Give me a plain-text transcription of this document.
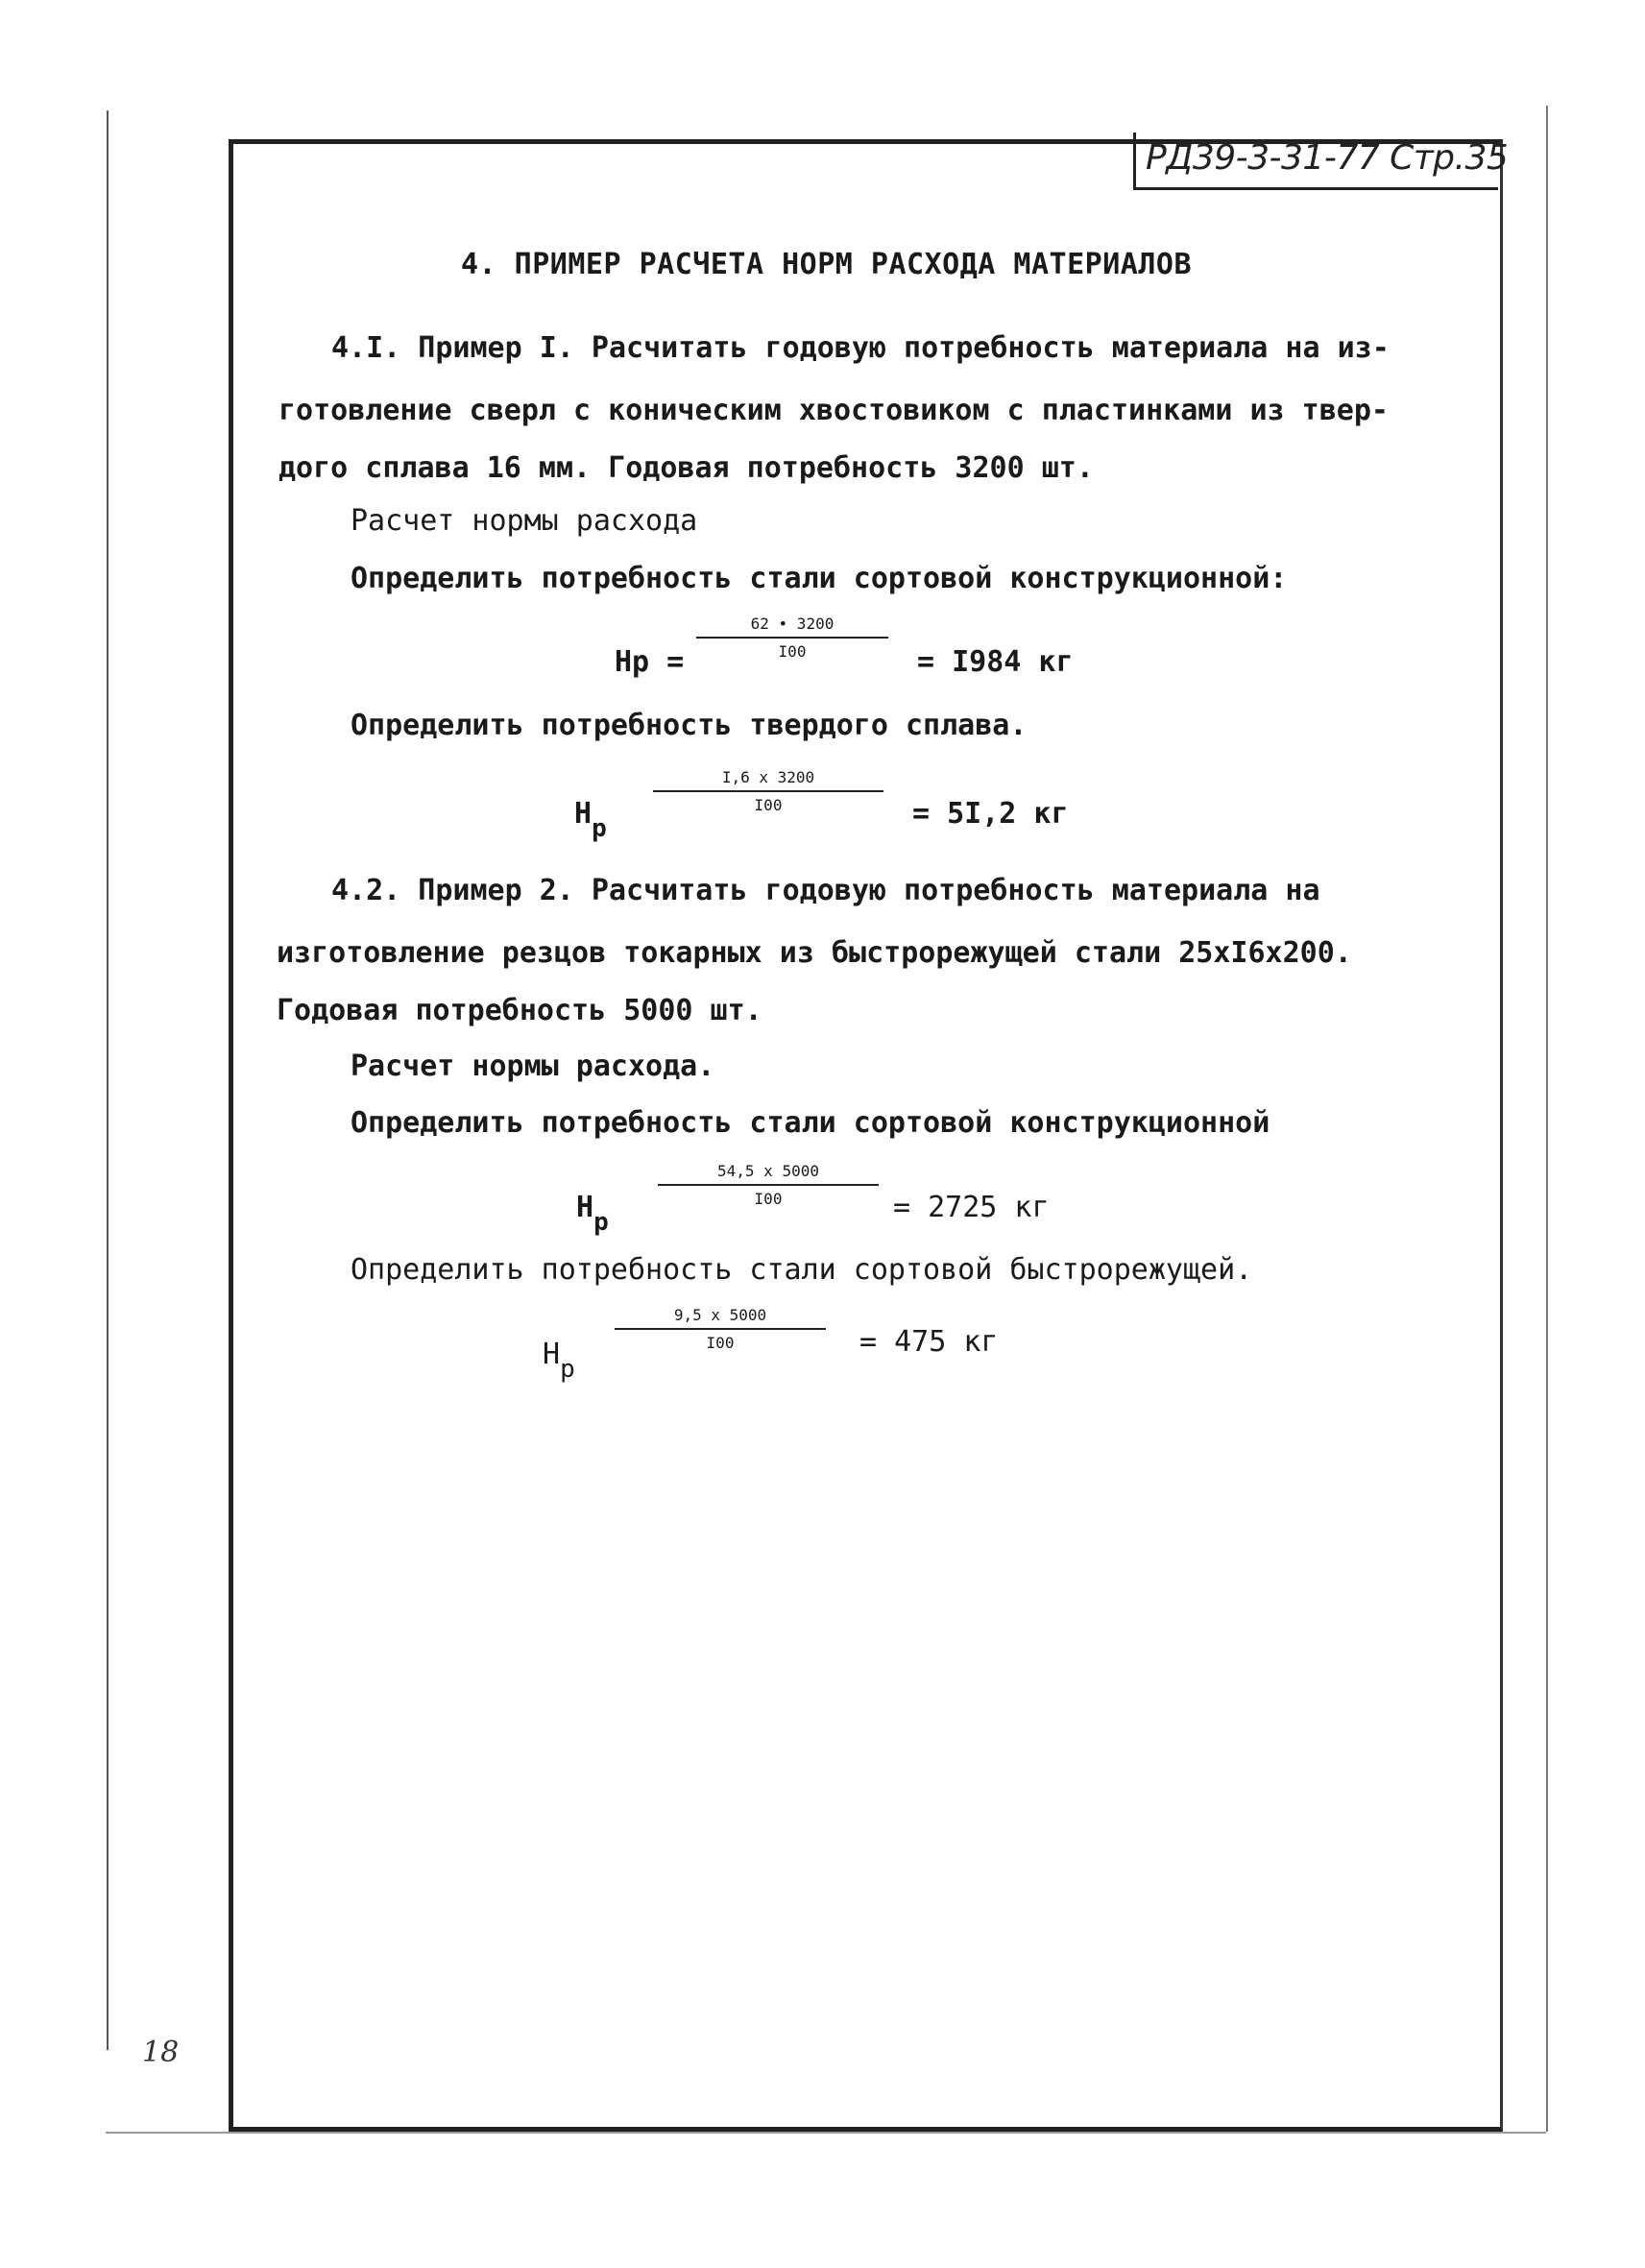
РД39-3-31-77 Стр.35
4. ПРИМЕР РАСЧЕТА НОРМ РАСХОДА МАТЕРИАЛОВ
4.I. Пример I. Расчитать годовую потребность материала на из-
готовление сверл с коническим хвостовиком с пластинками из твер-
дого сплава 16 мм. Годовая потребность 3200 шт.
Расчет нормы расхода
Определить потребность стали сортовой конструкционной:
Нр =
62 • 3200
I00	= I984 кг
Определить потребность твердого сплава.
$Н_р$
I,6 х 3200
I00	= 5I,2 кг
4.2. Пример 2. Расчитать годовую потребность материала на
изготовление резцов токарных из быстрорежущей стали 25хI6х200.
Годовая потребность 5000 шт.
Расчет нормы расхода.
Определить потребность стали сортовой конструкционной
$Н_р$
54,5 х 5000
I00	= 2725 кг
Определить потребность стали сортовой быстрорежущей.
$Н_р$
9,5 х 5000
I00	= 475 кг
18
